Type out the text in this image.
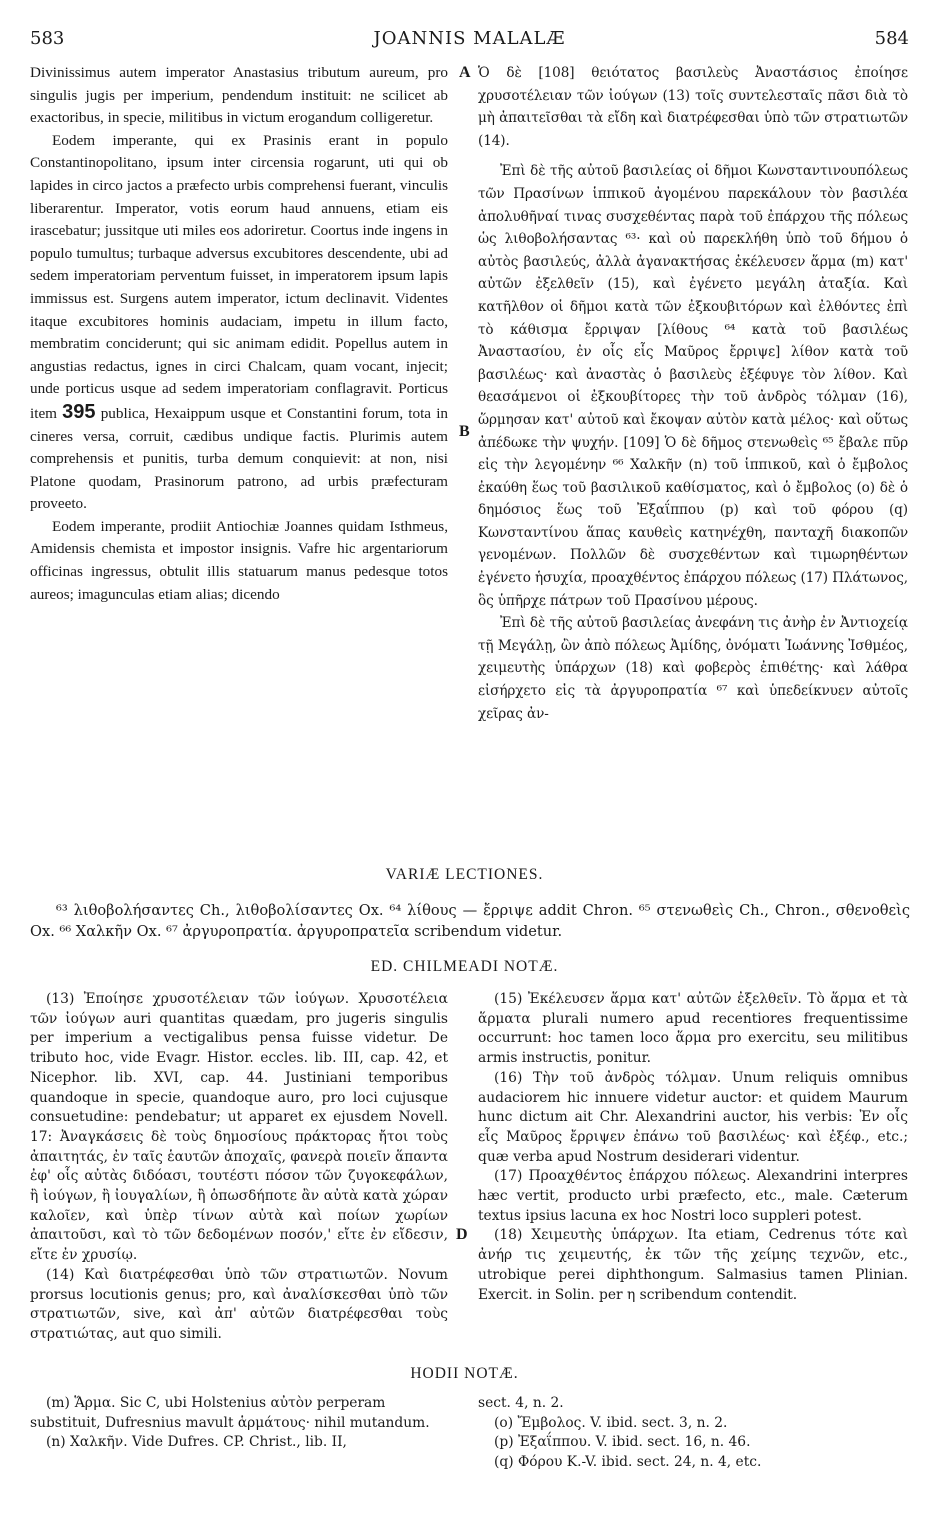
583	JOANNIS MALALÆ	584

Divinissimus autem imperator Anastasius tributum aureum, pro singulis jugis per imperium, pendendum instituit: ne scilicet ab exactoribus, in specie, militibus in victum erogandum colligeretur.

Eodem imperante, qui ex Prasinis erant in populo Constantinopolitano, ipsum inter circensia rogarunt, uti qui ob lapides in circo jactos a præfecto urbis comprehensi fuerant, vinculis liberarentur. Imperator, votis eorum haud annuens, etiam eis irascebatur; jussitque uti miles eos adoriretur. Coortus inde ingens in populo tumultus; turbaque adversus excubitores descendente, ubi ad sedem imperatoriam perventum fuisset, in imperatorem ipsum lapis immissus est. Surgens autem imperator, ictum declinavit. Videntes itaque excubitores hominis audaciam, impetu in illum facto, membratim conciderunt; qui sic animam edidit. Popellus autem in angustias redactus, ignes in circi Chalcam, quam vocant, injecit; unde porticus usque ad sedem imperatoriam conflagravit. Porticus item 395 publica, Hexaippum usque et Constantini forum, tota in cineres versa, corruit, cædibus undique factis. Plurimis autem comprehensis et punitis, turba demum conquievit: at non, nisi Platone quodam, Prasinorum patrono, ad urbis præfecturam proveeto.

Eodem imperante, prodiit Antiochiæ Joannes quidam Isthmeus, Amidensis chemista et impostor insignis. Vafre hic argentariorum officinas ingressus, obtulit illis statuarum manus pedesque totos aureos; imagunculas etiam alias; dicendo

A
B

Ὁ δὲ [108] θειότατος βασιλεὺς Ἀναστάσιος ἐποίησε χρυσοτέλειαν τῶν ἰούγων (13) τοῖς συντελεσταῖς πᾶσι διὰ τὸ μὴ ἀπαιτεῖσθαι τὰ εἴδη καὶ διατρέφεσθαι ὑπὸ τῶν στρατιωτῶν (14).

Ἐπὶ δὲ τῆς αὐτοῦ βασιλείας οἱ δῆμοι Κωνσταντινουπόλεως τῶν Πρασίνων ἱππικοῦ ἀγομένου παρεκάλουν τὸν βασιλέα ἀπολυθῆναί τινας συσχεθέντας παρὰ τοῦ ἐπάρχου τῆς πόλεως ὡς λιθοβολήσαντας ⁶³· καὶ οὐ παρεκλήθη ὑπὸ τοῦ δήμου ὁ αὐτὸς βασιλεύς, ἀλλὰ ἀγανακτήσας ἐκέλευσεν ἅρμα (m) κατ' αὐτῶν ἐξελθεῖν (15), καὶ ἐγένετο μεγάλη ἀταξία. Καὶ κατῆλθον οἱ δῆμοι κατὰ τῶν ἐξκουβιτόρων καὶ ἐλθόντες ἐπὶ τὸ κάθισμα ἔρριψαν [λίθους ⁶⁴ κατὰ τοῦ βασιλέως Ἀναστασίου, ἐν οἷς εἷς Μαῦρος ἔρριψε] λίθον κατὰ τοῦ βασιλέως· καὶ ἀναστὰς ὁ βασιλεὺς ἐξέφυγε τὸν λίθον. Καὶ θεασάμενοι οἱ ἐξκουβίτορες τὴν τοῦ ἀνδρὸς τόλμαν (16), ὥρμησαν κατ' αὐτοῦ καὶ ἔκοψαν αὐτὸν κατὰ μέλος· καὶ οὕτως ἀπέδωκε τὴν ψυχήν. [109] Ὁ δὲ δῆμος στενωθεὶς ⁶⁵ ἔβαλε πῦρ εἰς τὴν λεγομένην ⁶⁶ Χαλκῆν (n) τοῦ ἱππικοῦ, καὶ ὁ ἔμβολος ἐκαύθη ἕως τοῦ βασιλικοῦ καθίσματος, καὶ ὁ ἔμβολος (o) δὲ ὁ δημόσιος ἕως τοῦ Ἐξαΐππου (p) καὶ τοῦ φόρου (q) Κωνσταντίνου ἅπας καυθεὶς κατηνέχθη, πανταχῆ διακοπῶν γενομένων. Πολλῶν δὲ συσχεθέντων καὶ τιμωρηθέντων ἐγένετο ἡσυχία, προαχθέντος ἐπάρχου πόλεως (17) Πλάτωνος, ὃς ὑπῆρχε πάτρων τοῦ Πρασίνου μέρους.

Ἐπὶ δὲ τῆς αὐτοῦ βασιλείας ἀνεφάνη τις ἀνὴρ ἐν Ἀντιοχείᾳ τῇ Μεγάλῃ, ὢν ἀπὸ πόλεως Ἀμίδης, ὀνόματι Ἰωάννης Ἰσθμέος, χειμευτὴς ὑπάρχων (18) καὶ φοβερὸς ἐπιθέτης· καὶ λάθρα εἰσήρχετο εἰς τὰ ἀργυροπρατία ⁶⁷ καὶ ὑπεδείκνυεν αὐτοῖς χεῖρας ἀν-

VARIÆ LECTIONES.

⁶³ λιθοβολήσαντες Ch., λιθοβολίσαντες Ox. ⁶⁴ λίθους — ἔρριψε addit Chron. ⁶⁵ στενωθεὶς Ch., Chron., σθενοθεὶς Ox. ⁶⁶ Χαλκῆν Ox. ⁶⁷ ἀργυροπρατία. ἀργυροπρατεῖα scribendum videtur.

ED. CHILMEADI NOTÆ.

(13) Ἐποίησε χρυσοτέλειαν τῶν ἰούγων. Χρυσοτέλεια τῶν ἰούγων auri quantitas quædam, pro jugeris singulis per imperium a vectigalibus pensa fuisse videtur. De tributo hoc, vide Evagr. Histor. eccles. lib. III, cap. 42, et Nicephor. lib. XVI, cap. 44. Justiniani temporibus quandoque in specie, quandoque auro, pro loci cujusque consuetudine: pendebatur; ut apparet ex ejusdem Novell. 17: Ἀναγκάσεις δὲ τοὺς δημοσίους πράκτορας ἤτοι τοὺς ἀπαιτητάς, ἐν ταῖς ἑαυτῶν ἀποχαῖς, φανερὰ ποιεῖν ἅπαντα ἐφ' οἷς αὐτὰς διδόασι, τουτέστι πόσον τῶν ζυγοκεφάλων, ἢ ἰούγων, ἢ ἰουγαλίων, ἢ ὁπωσδήποτε ἂν αὐτὰ κατὰ χώραν καλοῖεν, καὶ ὑπὲρ τίνων αὐτὰ καὶ ποίων χωρίων ἀπαιτοῦσι, καὶ τὸ τῶν δεδομένων ποσόν,' εἴτε ἐν εἴδεσιν, εἴτε ἐν χρυσίῳ.

(14) Καὶ διατρέφεσθαι ὑπὸ τῶν στρατιωτῶν. Novum prorsus locutionis genus; pro, καὶ ἀναλίσκεσθαι ὑπὸ τῶν στρατιωτῶν, sive, καὶ ἀπ' αὐτῶν διατρέφεσθαι τοὺς στρατιώτας, aut quo simili.

D

(15) Ἐκέλευσεν ἅρμα κατ' αὐτῶν ἐξελθεῖν. Τὸ ἅρμα et τὰ ἅρματα plurali numero apud recentiores frequentissime occurrunt: hoc tamen loco ἅρμα pro exercitu, seu militibus armis instructis, ponitur.

(16) Τὴν τοῦ ἀνδρὸς τόλμαν. Unum reliquis omnibus audaciorem hic innuere videtur auctor: et quidem Maurum hunc dictum ait Chr. Alexandrini auctor, his verbis: Ἐν οἷς εἷς Μαῦρος ἔρριψεν ἐπάνω τοῦ βασιλέως· καὶ ἐξέφ., etc.; quæ verba apud Nostrum desiderari videntur.

(17) Προαχθέντος ἐπάρχου πόλεως. Alexandrini interpres hæc vertit, producto urbi præfecto, etc., male. Cæterum textus ipsius lacuna ex hoc Nostri loco suppleri potest.

(18) Χειμευτὴς ὑπάρχων. Ita etiam, Cedrenus τότε καὶ ἀνήρ τις χειμευτής, ἐκ τῶν τῆς χείμης τεχνῶν, etc., utrobique perei diphthongum. Salmasius tamen Plinian. Exercit. in Solin. per η scribendum contendit.

HODII NOTÆ.

(m) Ἅρμα. Sic C, ubi Holstenius αὐτὸν perperam substituit, Dufresnius mavult ἁρμάτους· nihil mutandum.

(n) Χαλκῆν. Vide Dufres. CP. Christ., lib. II,

sect. 4, n. 2.

(o) Ἔμβολος. V. ibid. sect. 3, n. 2.

(p) Ἐξαΐππου. V. ibid. sect. 16, n. 46.

(q) Φόρου K.-V. ibid. sect. 24, n. 4, etc.
